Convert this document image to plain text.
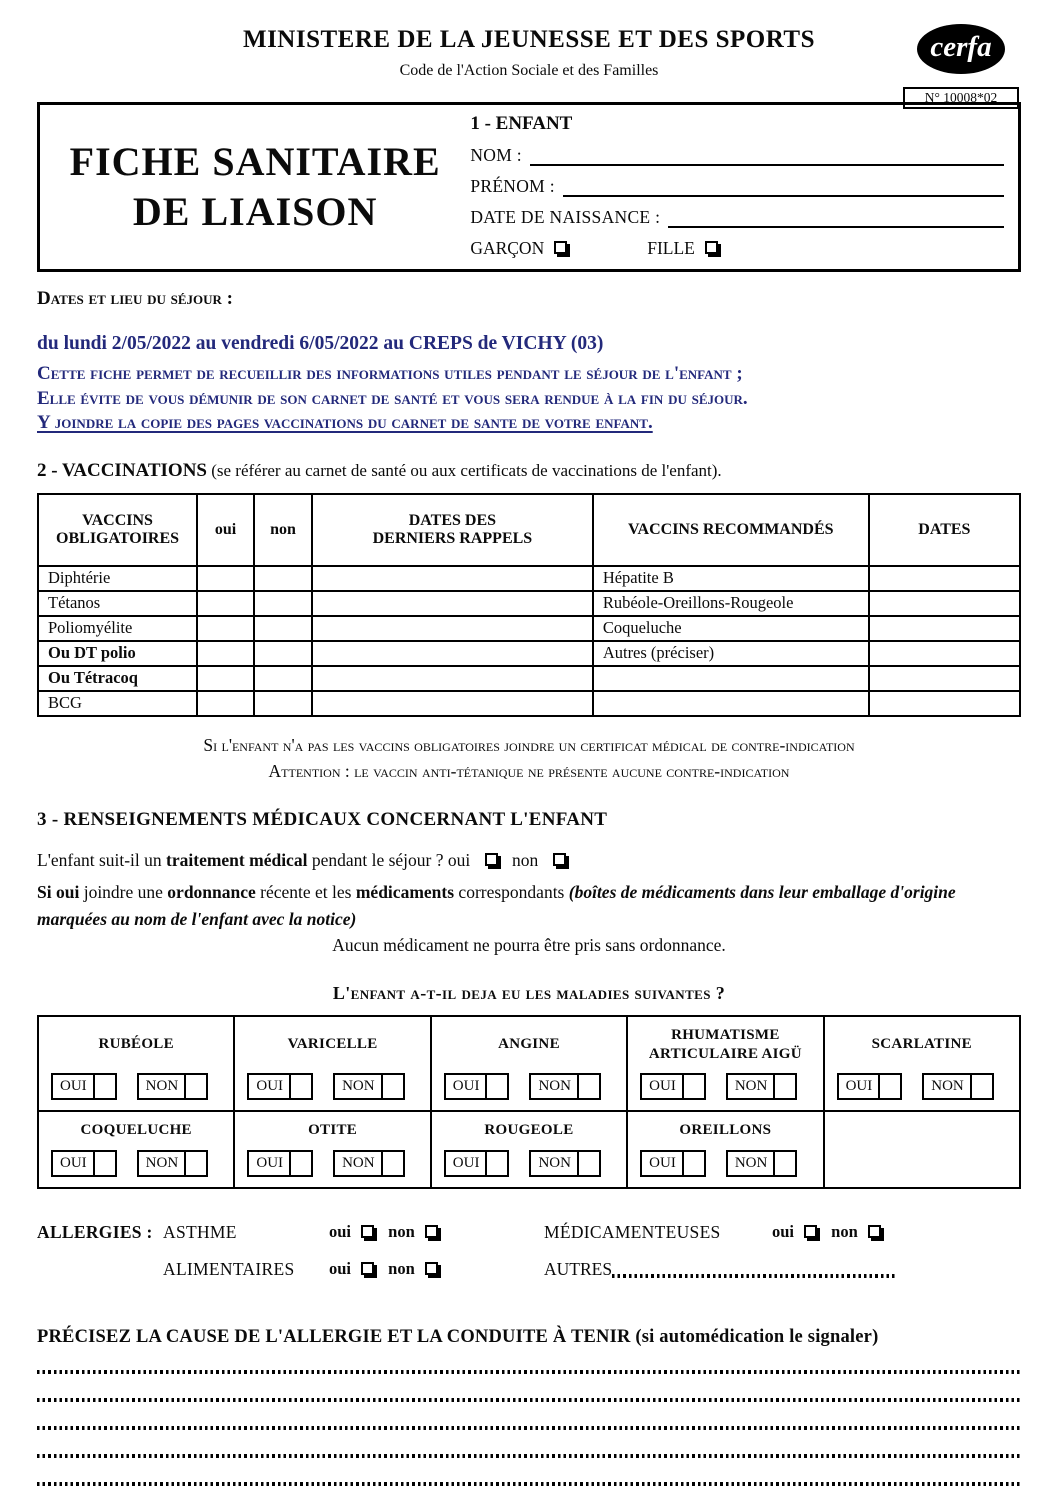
MINISTERE DE LA JEUNESSE ET DES SPORTS
Code de l'Action Sociale et des Familles
cerfa
N° 10008*02
FICHE SANITAIRE
DE LIAISON
1 - ENFANT
NOM :
PRÉNOM :
DATE DE NAISSANCE :
GARÇON	FILLE
Dates et lieu du séjour :
du lundi 2/05/2022 au vendredi 6/05/2022 au CREPS de VICHY (03)
Cette fiche permet de recueillir des informations utiles pendant le séjour de l'enfant ;
Elle évite de vous démunir de son carnet de santé et vous sera rendue à la fin du séjour.
Y joindre la copie des pages vaccinations du carnet de sante de votre enfant.
2 - VACCINATIONS (se référer au carnet de santé ou aux certificats de vaccinations de l'enfant).
VACCINS OBLIGATOIRES	oui	non	DATES DES DERNIERS RAPPELS	VACCINS RECOMMANDÉS	DATES
Diphtérie				Hépatite B	
Tétanos				Rubéole-Oreillons-Rougeole	
Poliomyélite				Coqueluche	
Ou DT polio				Autres (préciser)	
Ou Tétracoq					
BCG					
Si l'enfant n'a pas les vaccins obligatoires joindre un certificat médical de contre-indication
Attention : le vaccin anti-tétanique ne présente aucune contre-indication
3 - RENSEIGNEMENTS MÉDICAUX CONCERNANT L'ENFANT
L'enfant suit-il un traitement médical pendant le séjour ? oui non
Si oui joindre une ordonnance récente et les médicaments correspondants (boîtes de médicaments dans leur emballage d'origine marquées au nom de l'enfant avec la notice)
Aucun médicament ne pourra être pris sans ordonnance.
L'enfant a-t-il deja eu les maladies suivantes ?
RUBÉOLE
OUI	NON

VARICELLE
OUI	NON

ANGINE
OUI	NON

RHUMATISME ARTICULAIRE AIGÜ
OUI	NON

SCARLATINE
OUI	NON

COQUELUCHE
OUI	NON

OTITE
OUI	NON

ROUGEOLE
OUI	NON

OREILLONS
OUI	NON

ALLERGIES : ASTHME	oui non	MÉDICAMENTEUSES	oui non
ALIMENTAIRES	oui non	AUTRES
PRÉCISEZ LA CAUSE DE L'ALLERGIE ET LA CONDUITE À TENIR (si automédication le signaler)
